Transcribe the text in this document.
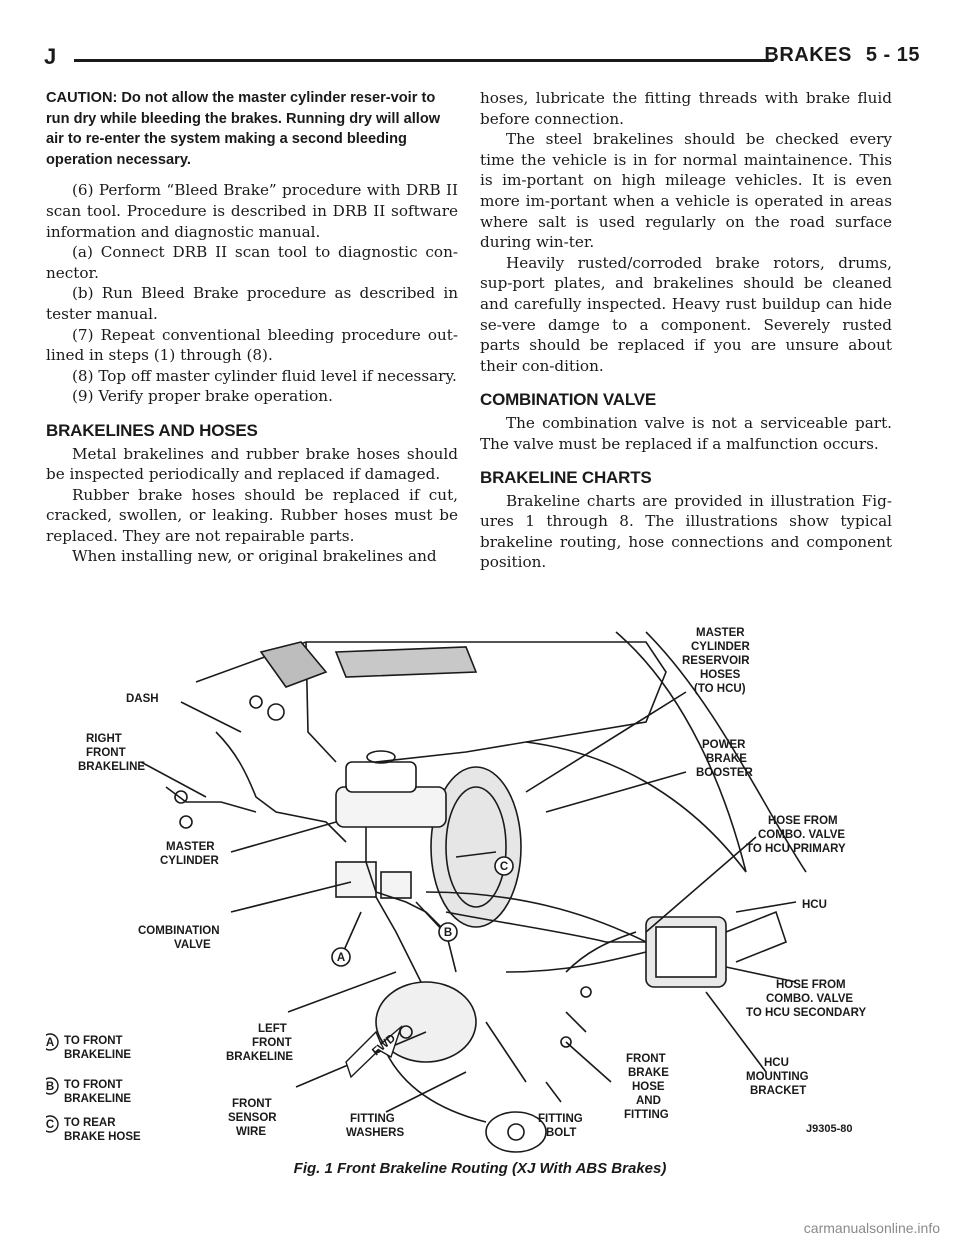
J	BRAKES 5 - 15
CAUTION: Do not allow the master cylinder reser-voir to run dry while bleeding the brakes. Running dry will allow air to re-enter the system making a second bleeding operation necessary.

(6) Perform “Bleed Brake” procedure with DRB II scan tool. Procedure is described in DRB II software information and diagnostic manual.

(a) Connect DRB II scan tool to diagnostic con-nector.

(b) Run Bleed Brake procedure as described in tester manual.

(7) Repeat conventional bleeding procedure out-lined in steps (1) through (8).

(8) Top off master cylinder fluid level if necessary.

(9) Verify proper brake operation.

BRAKELINES AND HOSES

Metal brakelines and rubber brake hoses should be inspected periodically and replaced if damaged.

Rubber brake hoses should be replaced if cut, cracked, swollen, or leaking. Rubber hoses must be replaced. They are not repairable parts.

When installing new, or original brakelines and

hoses, lubricate the fitting threads with brake fluid before connection.

The steel brakelines should be checked every time the vehicle is in for normal maintainence. This is im-portant on high mileage vehicles. It is even more im-portant when a vehicle is operated in areas where salt is used regularly on the road surface during win-ter.

Heavily rusted/corroded brake rotors, drums, sup-port plates, and brakelines should be cleaned and carefully inspected. Heavy rust buildup can hide se-vere damge to a component. Severely rusted parts should be replaced if you are unsure about their con-dition.

COMBINATION VALVE

The combination valve is not a serviceable part. The valve must be replaced if a malfunction occurs.

BRAKELINE CHARTS

Brakeline charts are provided in illustration Fig-ures 1 through 8. The illustrations show typical brakeline routing, hose connections and component position.

A
B
C
FWD
DASH
RIGHT
FRONT
BRAKELINE
MASTER
CYLINDER
COMBINATION
VALVE
LEFT
FRONT
BRAKELINE
FRONT
SENSOR
WIRE
FITTING
WASHERS
FITTING
BOLT
FRONT
BRAKE
HOSE
AND
FITTING
MASTER
CYLINDER
RESERVOIR
HOSES
(TO HCU)
POWER
BRAKE
BOOSTER
HOSE FROM
COMBO. VALVE
TO HCU PRIMARY
HCU
HOSE FROM
COMBO. VALVE
TO HCU SECONDARY
HCU
MOUNTING
BRACKET
J9305-80
A TO FRONT
BRAKELINE
B TO FRONT
BRAKELINE
C TO REAR
BRAKE HOSE
Fig. 1 Front Brakeline Routing (XJ With ABS Brakes)
carmanualsonline.info
